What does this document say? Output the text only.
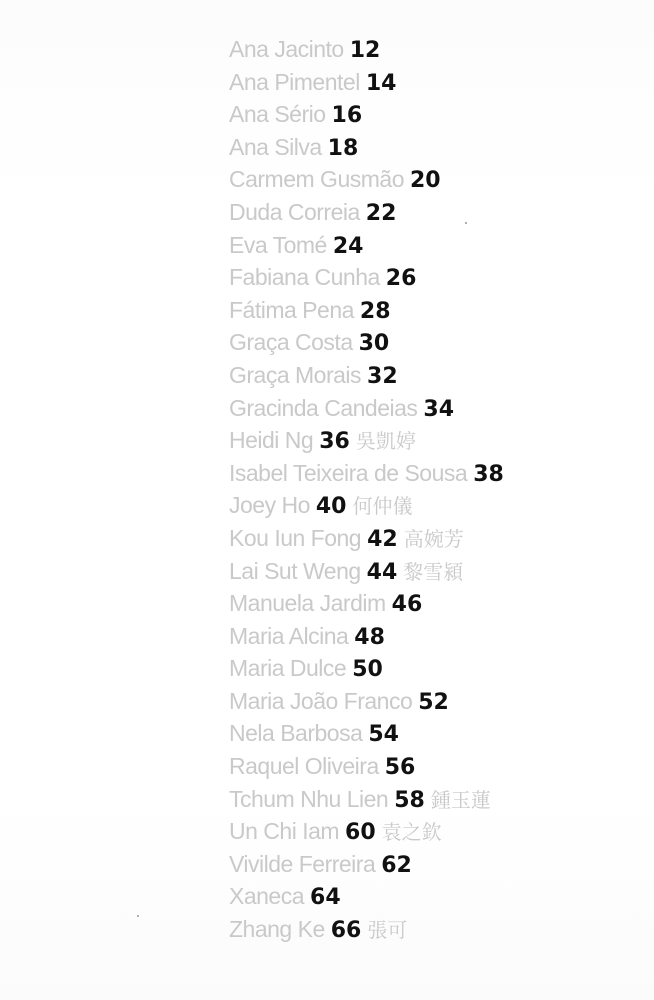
Ana Jacinto 12
Ana Pimentel 14
Ana Sério 16
Ana Silva 18
Carmem Gusmão 20
Duda Correia 22
Eva Tomé 24
Fabiana Cunha 26
Fátima Pena 28
Graça Costa 30
Graça Morais 32
Gracinda Candeias 34
Heidi Ng 36 吳凱婷
Isabel Teixeira de Sousa 38
Joey Ho 40 何仲儀
Kou Iun Fong 42 高婉芳
Lai Sut Weng 44 黎雪潁
Manuela Jardim 46
Maria Alcina 48
Maria Dulce 50
Maria João Franco 52
Nela Barbosa 54
Raquel Oliveira 56
Tchum Nhu Lien 58 鍾玉蓮
Un Chi Iam 60 袁之欽
Vivilde Ferreira 62
Xaneca 64
Zhang Ke 66 張可
